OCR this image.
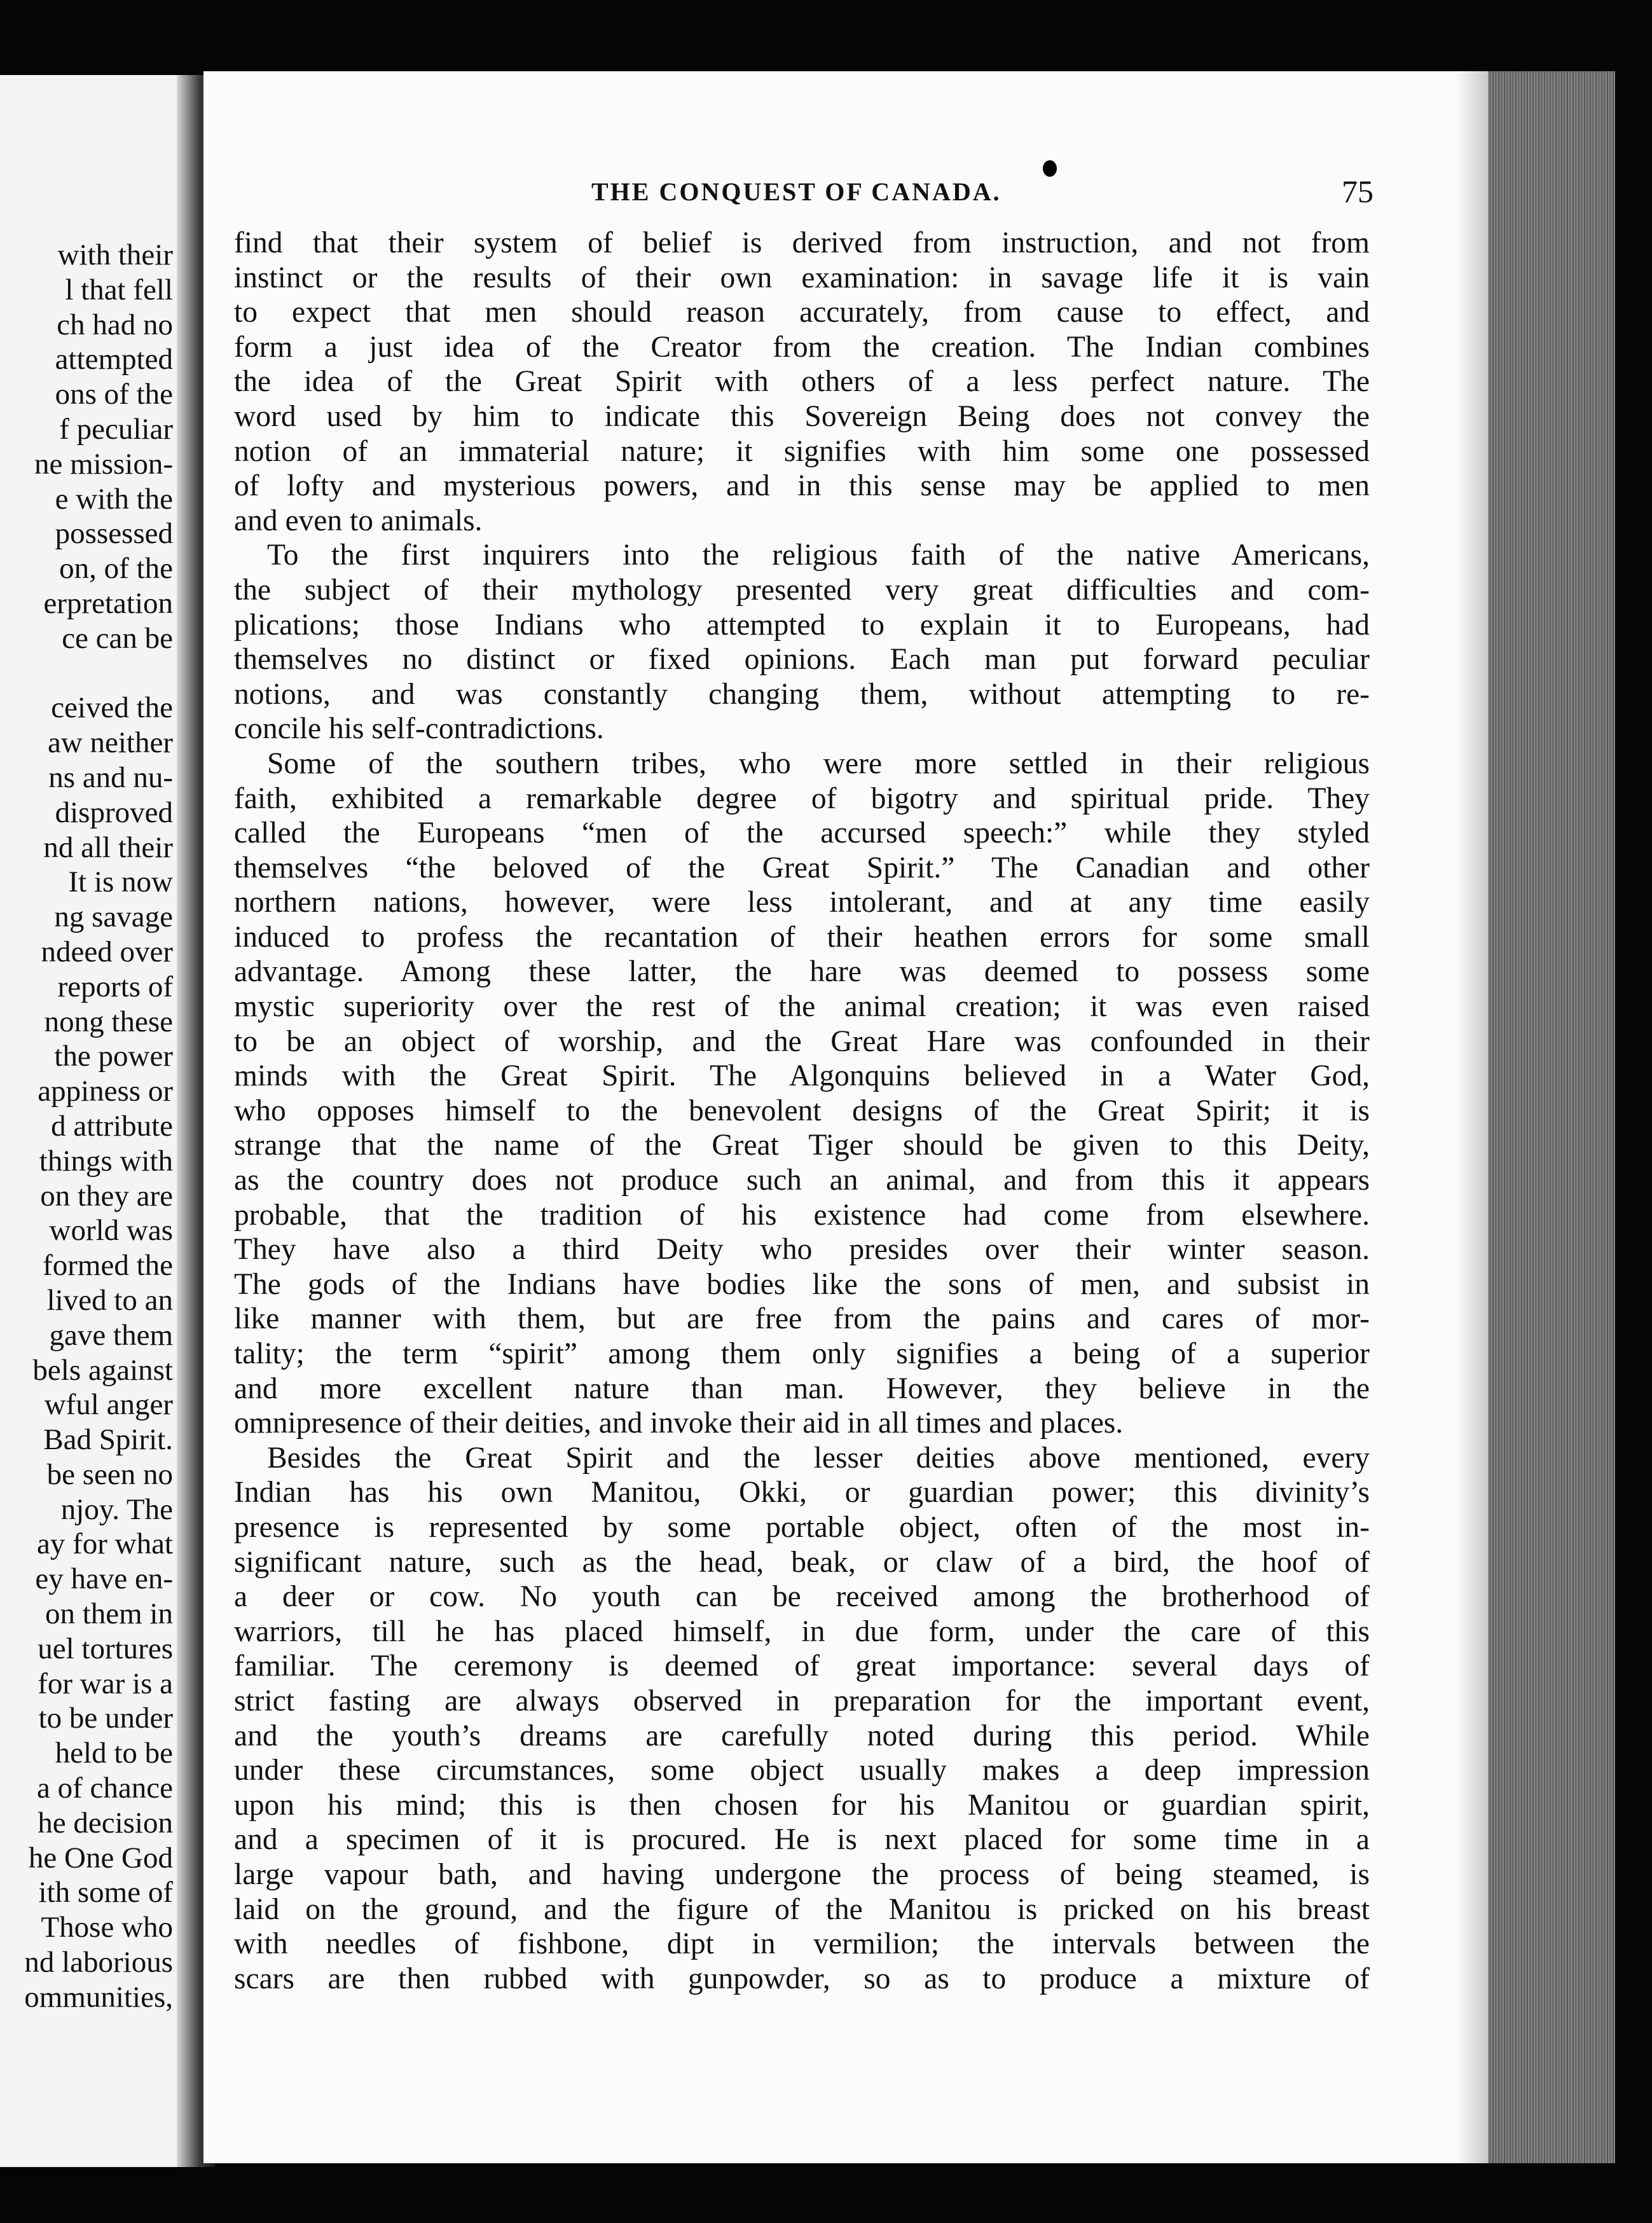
with their
l that fell
ch had no
attempted
ons of the
f peculiar
ne mission-
e with the
possessed
on, of the
erpretation
ce can be
ceived the
aw neither
ns and nu-
disproved
nd all their
It is now
ng savage
ndeed over
reports of
nong these
the power
appiness or
d attribute
things with
on they are
world was
formed the
lived to an
gave them
bels against
wful anger
Bad Spirit.
be seen no
njoy. The
ay for what
ey have en-
on them in
uel tortures
for war is a
to be under
held to be
a of chance
he decision
he One God
ith some of
Those who
nd laborious
ommunities,
THE CONQUEST OF CANADA.	75
find that their system of belief is derived from instruction, and not from
instinct or the results of their own examination: in savage life it is vain
to expect that men should reason accurately, from cause to effect, and
form a just idea of the Creator from the creation. The Indian combines
the idea of the Great Spirit with others of a less perfect nature. The
word used by him to indicate this Sovereign Being does not convey the
notion of an immaterial nature; it signifies with him some one possessed
of lofty and mysterious powers, and in this sense may be applied to men
and even to animals.
To the first inquirers into the religious faith of the native Americans,
the subject of their mythology presented very great difficulties and com-
plications; those Indians who attempted to explain it to Europeans, had
themselves no distinct or fixed opinions. Each man put forward peculiar
notions, and was constantly changing them, without attempting to re-
concile his self-contradictions.
Some of the southern tribes, who were more settled in their religious
faith, exhibited a remarkable degree of bigotry and spiritual pride. They
called the Europeans “men of the accursed speech:” while they styled
themselves “the beloved of the Great Spirit.” The Canadian and other
northern nations, however, were less intolerant, and at any time easily
induced to profess the recantation of their heathen errors for some small
advantage. Among these latter, the hare was deemed to possess some
mystic superiority over the rest of the animal creation; it was even raised
to be an object of worship, and the Great Hare was confounded in their
minds with the Great Spirit. The Algonquins believed in a Water God,
who opposes himself to the benevolent designs of the Great Spirit; it is
strange that the name of the Great Tiger should be given to this Deity,
as the country does not produce such an animal, and from this it appears
probable, that the tradition of his existence had come from elsewhere.
They have also a third Deity who presides over their winter season.
The gods of the Indians have bodies like the sons of men, and subsist in
like manner with them, but are free from the pains and cares of mor-
tality; the term “spirit” among them only signifies a being of a superior
and more excellent nature than man. However, they believe in the
omnipresence of their deities, and invoke their aid in all times and places.
Besides the Great Spirit and the lesser deities above mentioned, every
Indian has his own Manitou, Okki, or guardian power; this divinity’s
presence is represented by some portable object, often of the most in-
significant nature, such as the head, beak, or claw of a bird, the hoof of
a deer or cow. No youth can be received among the brotherhood of
warriors, till he has placed himself, in due form, under the care of this
familiar. The ceremony is deemed of great importance: several days of
strict fasting are always observed in preparation for the important event,
and the youth’s dreams are carefully noted during this period. While
under these circumstances, some object usually makes a deep impression
upon his mind; this is then chosen for his Manitou or guardian spirit,
and a specimen of it is procured. He is next placed for some time in a
large vapour bath, and having undergone the process of being steamed, is
laid on the ground, and the figure of the Manitou is pricked on his breast
with needles of fishbone, dipt in vermilion; the intervals between the
scars are then rubbed with gunpowder, so as to produce a mixture of
